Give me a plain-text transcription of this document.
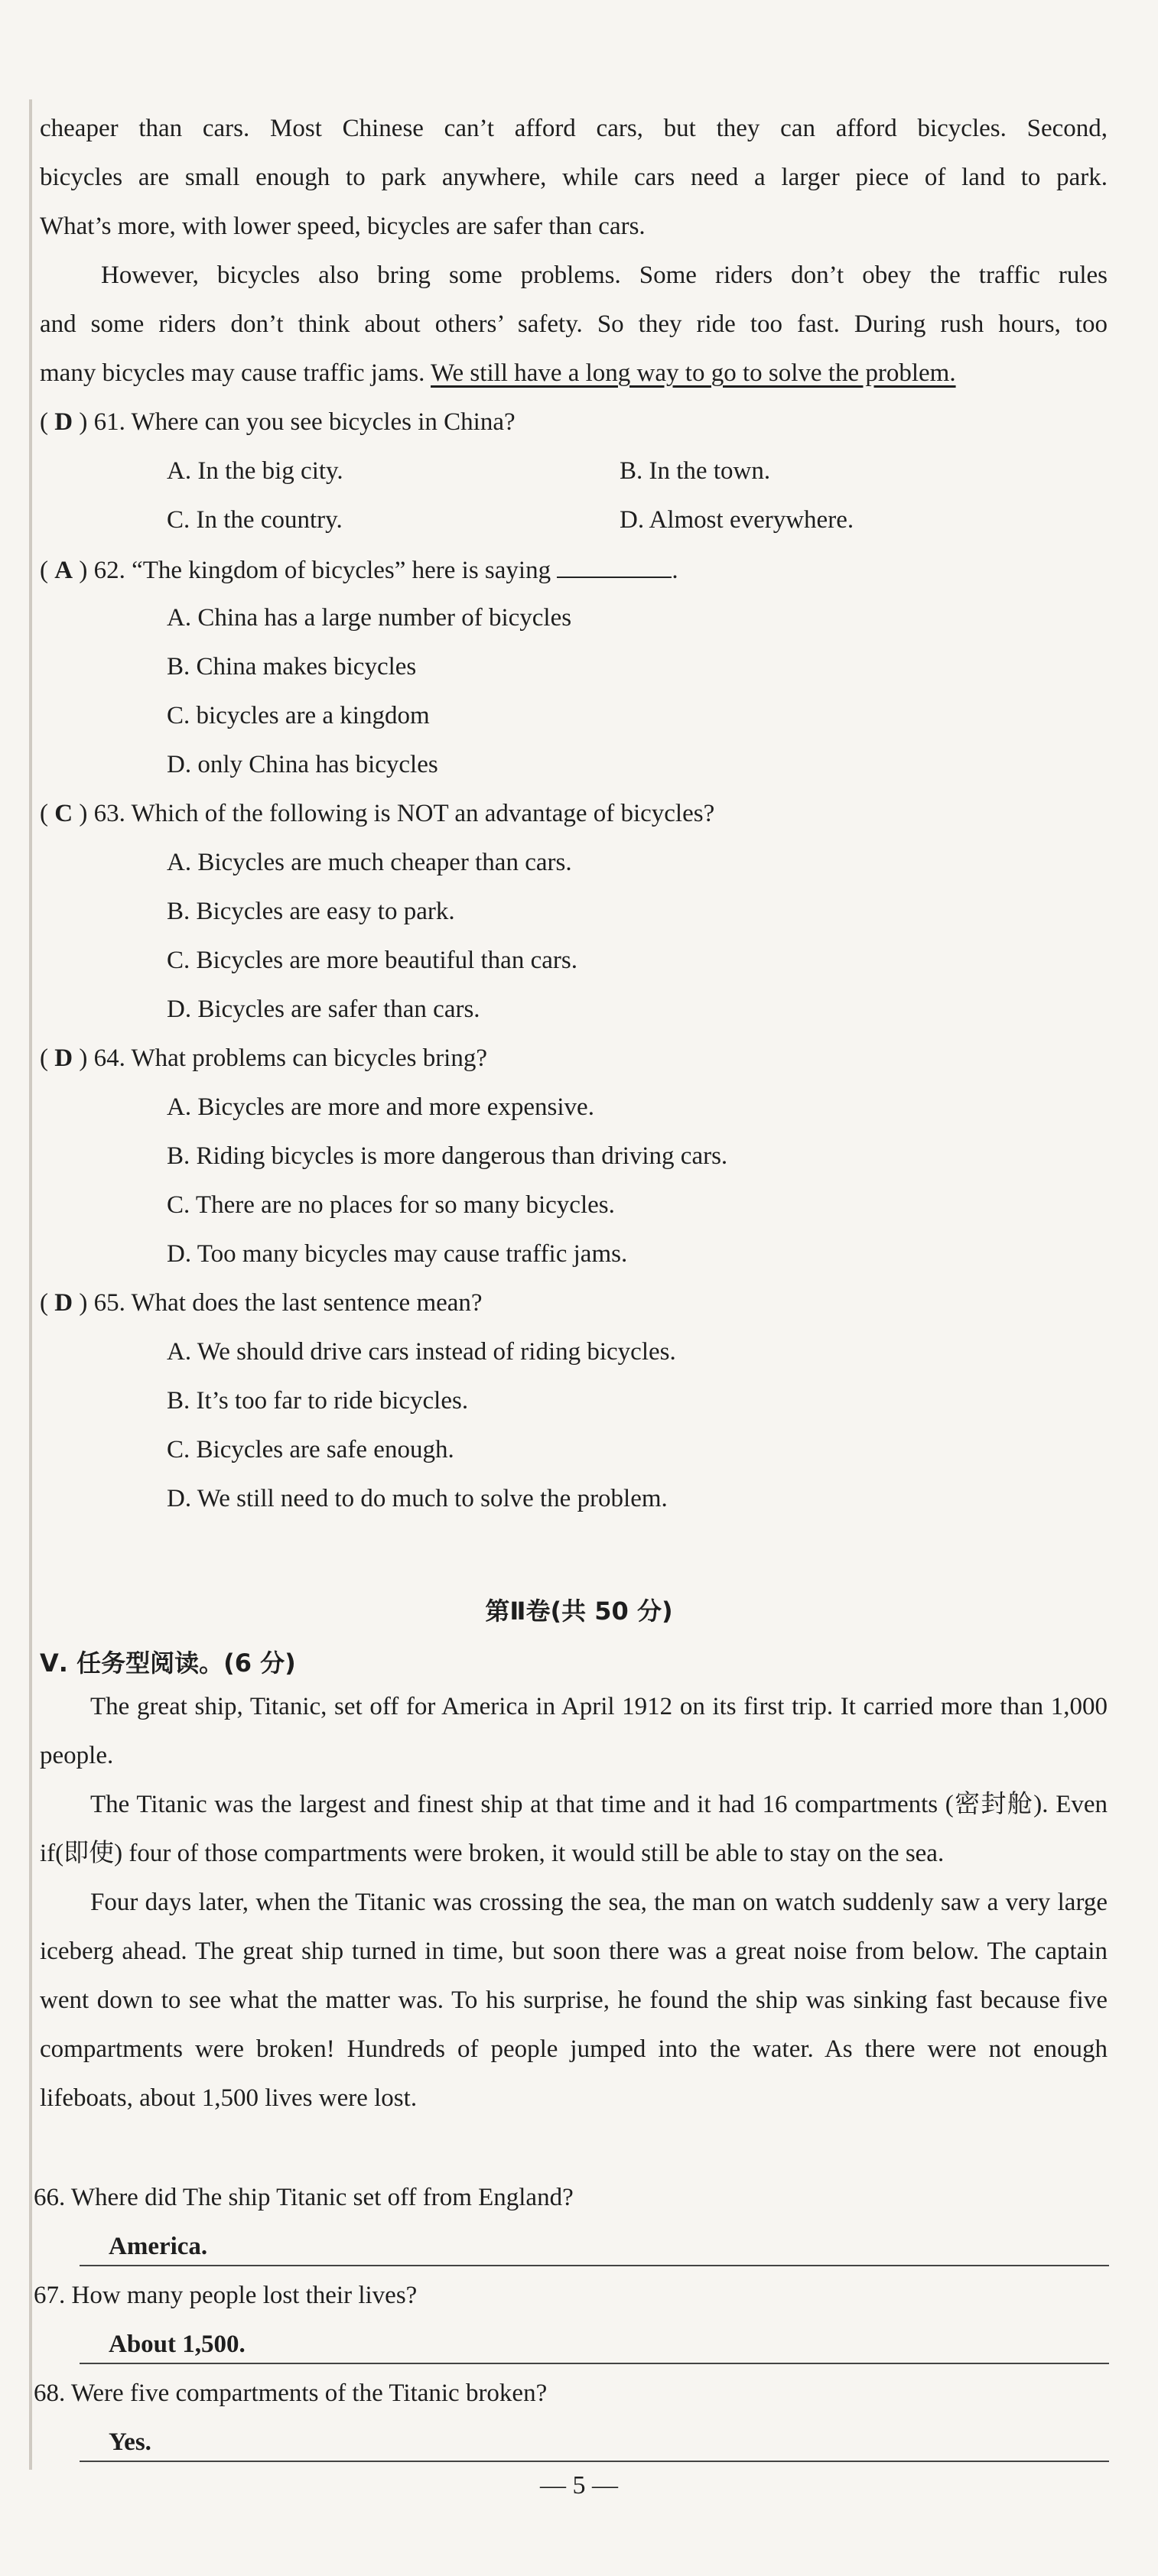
cheaper than cars. Most Chinese can’t afford cars, but they can afford bicycles. Second,
bicycles are small enough to park anywhere, while cars need a larger piece of land to park.
What’s more, with lower speed, bicycles are safer than cars.
However, bicycles also bring some problems. Some riders don’t obey the traffic rules
and some riders don’t think about others’ safety. So they ride too fast. During rush hours, too
many bicycles may cause traffic jams. We still have a long way to go to solve the problem.
( D ) 61. Where can you see bicycles in China?
A. In the big city.	B. In the town.
C. In the country.	D. Almost everywhere.
( A ) 62. “The kingdom of bicycles” here is saying	.
A. China has a large number of bicycles
B. China makes bicycles
C. bicycles are a kingdom
D. only China has bicycles
( C ) 63. Which of the following is NOT an advantage of bicycles?
A. Bicycles are much cheaper than cars.
B. Bicycles are easy to park.
C. Bicycles are more beautiful than cars.
D. Bicycles are safer than cars.
( D ) 64. What problems can bicycles bring?
A. Bicycles are more and more expensive.
B. Riding bicycles is more dangerous than driving cars.
C. There are no places for so many bicycles.
D. Too many bicycles may cause traffic jams.
( D ) 65. What does the last sentence mean?
A. We should drive cars instead of riding bicycles.
B. It’s too far to ride bicycles.
C. Bicycles are safe enough.
D. We still need to do much to solve the problem.
第Ⅱ卷(共 50 分)
Ⅴ. 任务型阅读。(6 分)

The great ship, Titanic, set off for America in April 1912 on its first trip. It carried more than 1,000 people.

The Titanic was the largest and finest ship at that time and it had 16 compartments (密封舱). Even if(即使) four of those compartments were broken, it would still be able to stay on the sea.

Four days later, when the Titanic was crossing the sea, the man on watch suddenly saw a very large iceberg ahead. The great ship turned in time, but soon there was a great noise from below. The captain went down to see what the matter was. To his surprise, he found the ship was sinking fast because five compartments were broken! Hundreds of people jumped into the water. As there were not enough lifeboats, about 1,500 lives were lost.

66. Where did The ship Titanic set off from England?
America.
67. How many people lost their lives?
About 1,500.
68. Were five compartments of the Titanic broken?
Yes.
— 5 —
